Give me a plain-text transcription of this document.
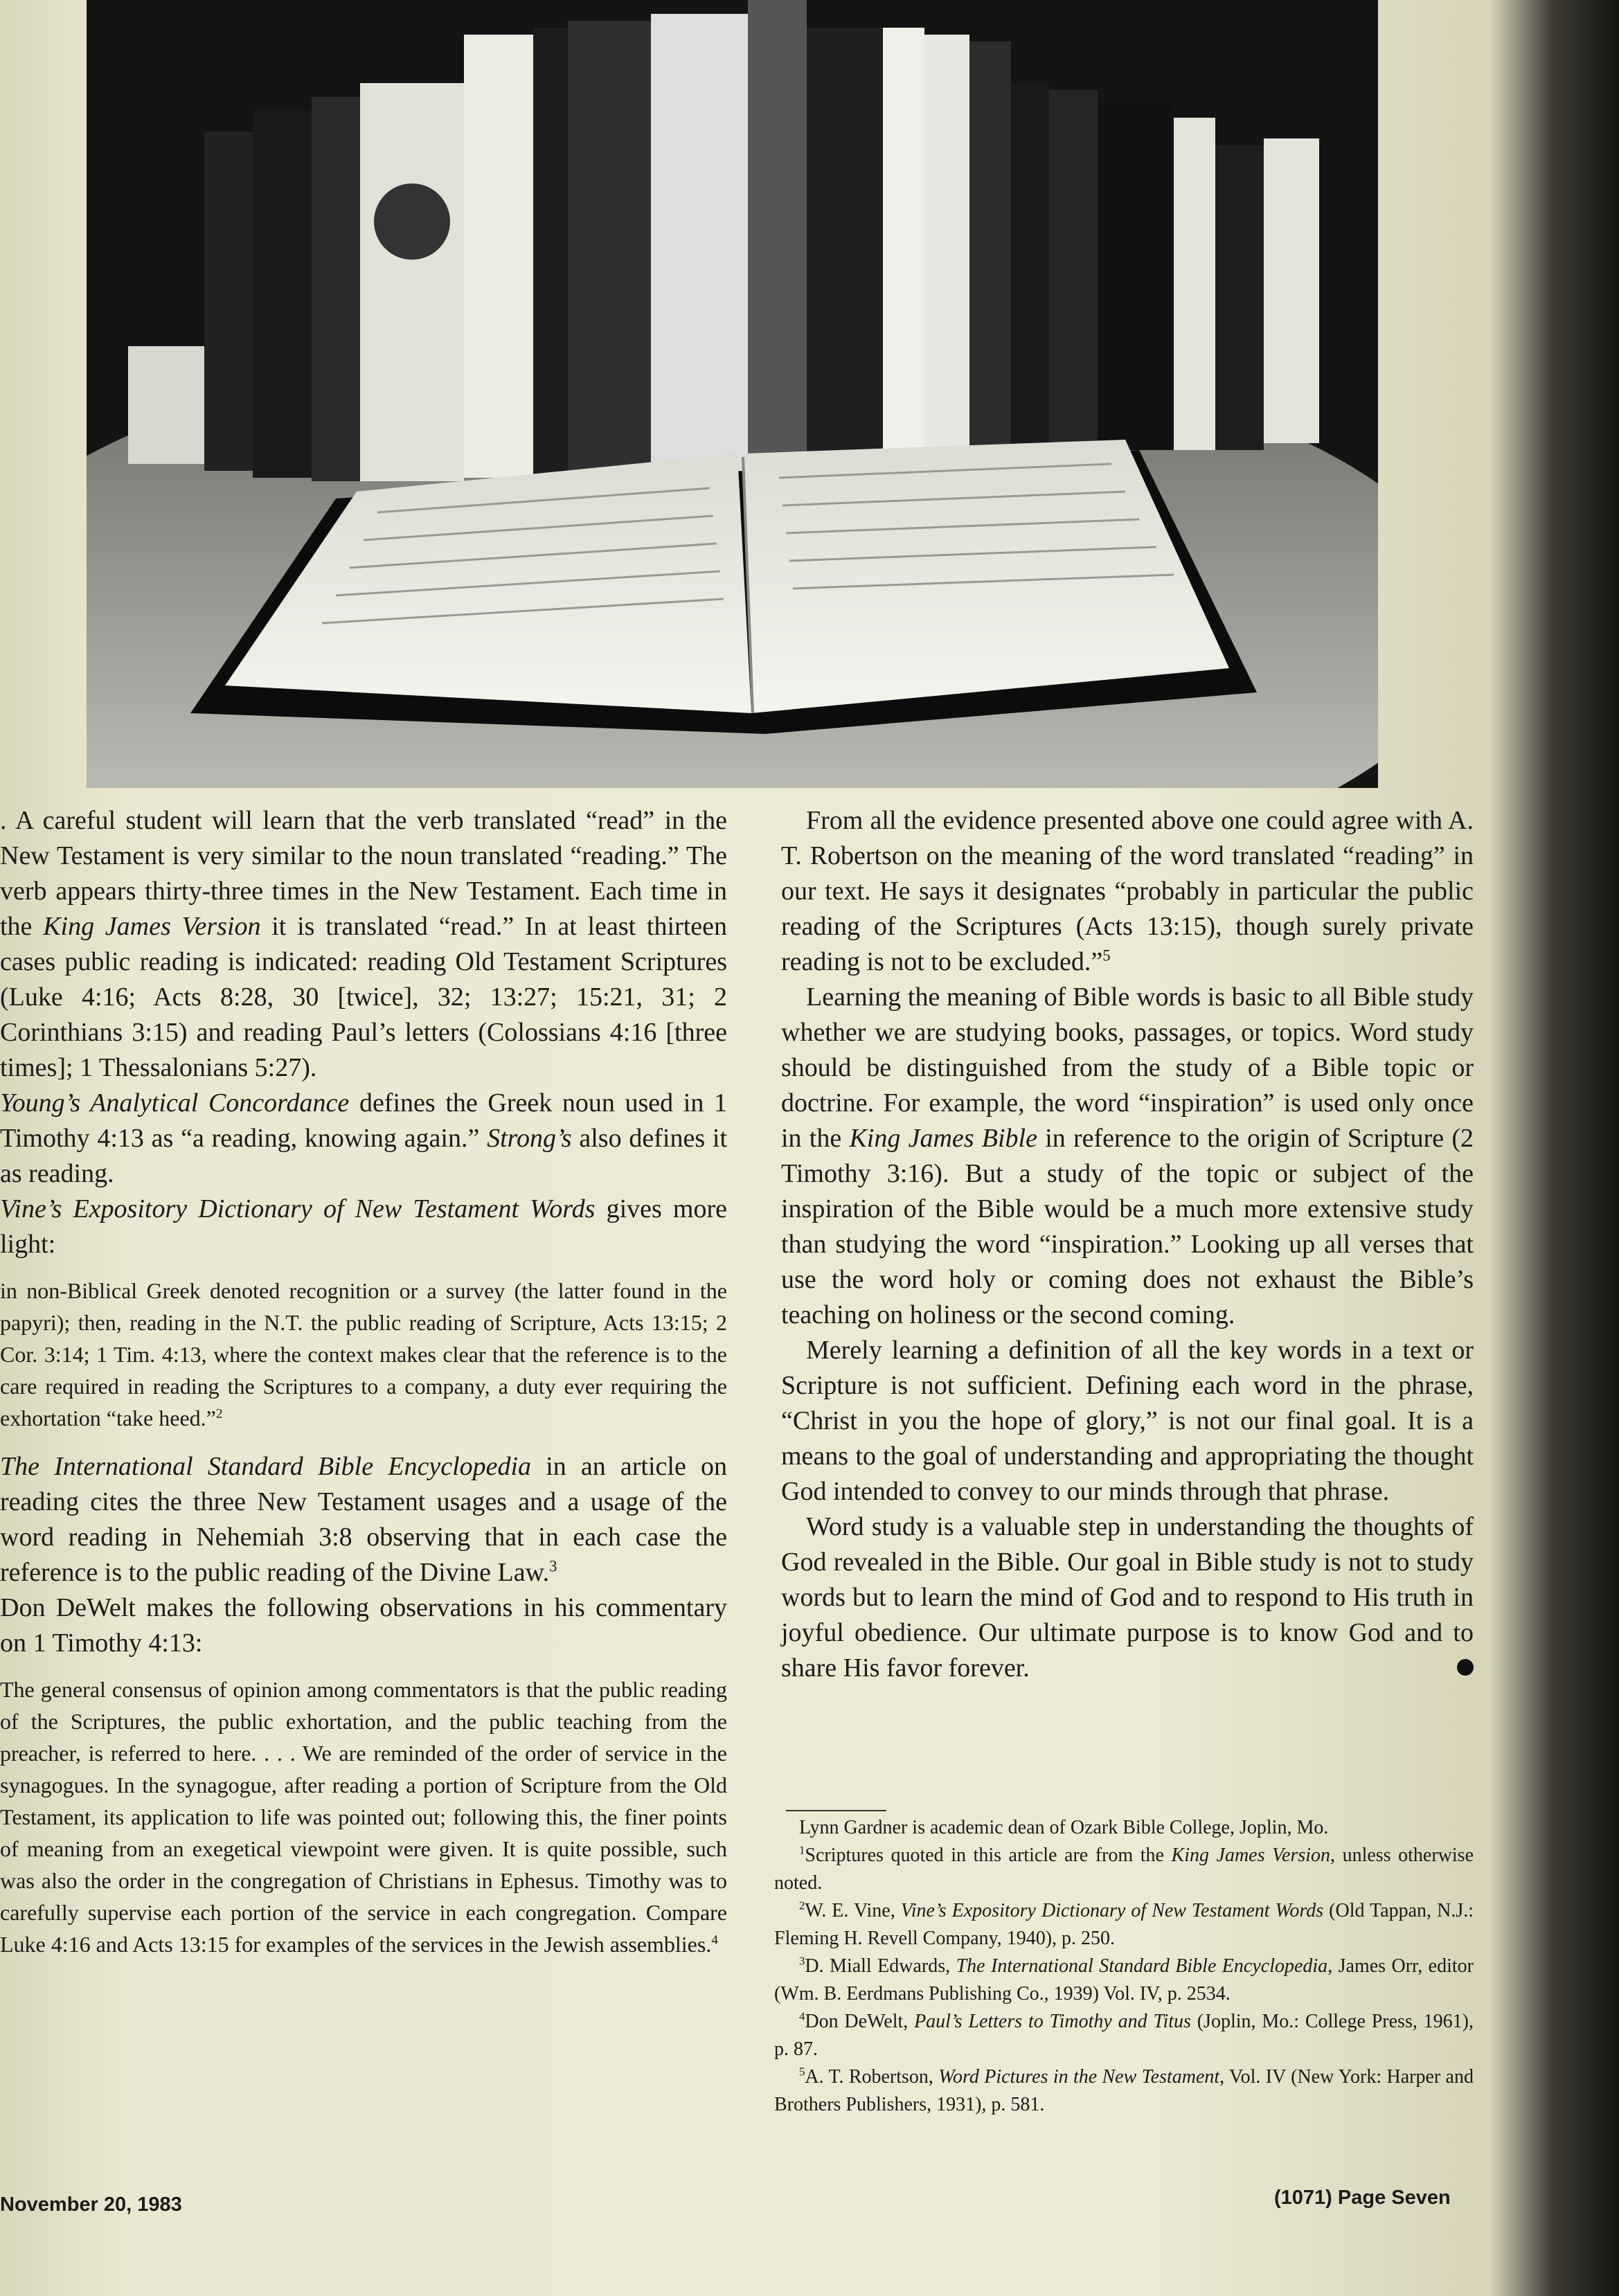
. A careful student will learn that the verb translated “read” in the New Testament is very similar to the noun translated “reading.” The verb appears thirty-three times in the New Testament. Each time in the King James Version it is translated “read.” In at least thirteen cases public reading is indicated: reading Old Testament Scriptures (Luke 4:16; Acts 8:28, 30 [twice], 32; 13:27; 15:21, 31; 2 Corinthians 3:15) and reading Paul’s letters (Colossians 4:16 [three times]; 1 Thessalonians 5:27).

Young’s Analytical Concordance defines the Greek noun used in 1 Timothy 4:13 as “a reading, knowing again.” Strong’s also defines it as reading.

Vine’s Expository Dictionary of New Testament Words gives more light:

in non-Biblical Greek denoted recognition or a survey (the latter found in the papyri); then, reading in the N.T. the public reading of Scripture, Acts 13:15; 2 Cor. 3:14; 1 Tim. 4:13, where the context makes clear that the reference is to the care required in reading the Scriptures to a company, a duty ever requiring the exhortation “take heed.”$^2$

The International Standard Bible Encyclopedia in an article on reading cites the three New Testament usages and a usage of the word reading in Nehemiah 3:8 observing that in each case the reference is to the public reading of the Divine Law.$^3$

Don DeWelt makes the following observations in his commentary on 1 Timothy 4:13:

The general consensus of opinion among commentators is that the public reading of the Scriptures, the public exhortation, and the public teaching from the preacher, is referred to here. . . . We are reminded of the order of service in the synagogues. In the synagogue, after reading a portion of Scripture from the Old Testament, its application to life was pointed out; following this, the finer points of meaning from an exegetical viewpoint were given. It is quite possible, such was also the order in the congregation of Christians in Ephesus. Timothy was to carefully supervise each portion of the service in each congregation. Compare Luke 4:16 and Acts 13:15 for examples of the services in the Jewish assemblies.$^4$

From all the evidence presented above one could agree with A. T. Robertson on the meaning of the word translated “reading” in our text. He says it designates “probably in particular the public reading of the Scriptures (Acts 13:15), though surely private reading is not to be excluded.”$^5$

Learning the meaning of Bible words is basic to all Bible study whether we are studying books, passages, or topics. Word study should be distinguished from the study of a Bible topic or doctrine. For example, the word “inspiration” is used only once in the King James Bible in reference to the origin of Scripture (2 Timothy 3:16). But a study of the topic or subject of the inspiration of the Bible would be a much more extensive study than studying the word “inspiration.” Looking up all verses that use the word holy or coming does not exhaust the Bible’s teaching on holiness or the second coming.

Merely learning a definition of all the key words in a text or Scripture is not sufficient. Defining each word in the phrase, “Christ in you the hope of glory,” is not our final goal. It is a means to the goal of understanding and appropriating the thought God intended to convey to our minds through that phrase.

Word study is a valuable step in understanding the thoughts of God revealed in the Bible. Our goal in Bible study is not to study words but to learn the mind of God and to respond to His truth in joyful obedience. Our ultimate purpose is to know God and to share His favor forever.

Lynn Gardner is academic dean of Ozark Bible College, Joplin, Mo.

$^1$Scriptures quoted in this article are from the King James Version, unless otherwise noted.

$^2$W. E. Vine, Vine’s Expository Dictionary of New Testament Words (Old Tappan, N.J.: Fleming H. Revell Company, 1940), p. 250.

$^3$D. Miall Edwards, The International Standard Bible Encyclopedia, James Orr, editor (Wm. B. Eerdmans Publishing Co., 1939) Vol. IV, p. 2534.

$^4$Don DeWelt, Paul’s Letters to Timothy and Titus (Joplin, Mo.: College Press, 1961), p. 87.

$^5$A. T. Robertson, Word Pictures in the New Testament, Vol. IV (New York: Harper and Brothers Publishers, 1931), p. 581.

November 20, 1983	(1071) Page Seven
